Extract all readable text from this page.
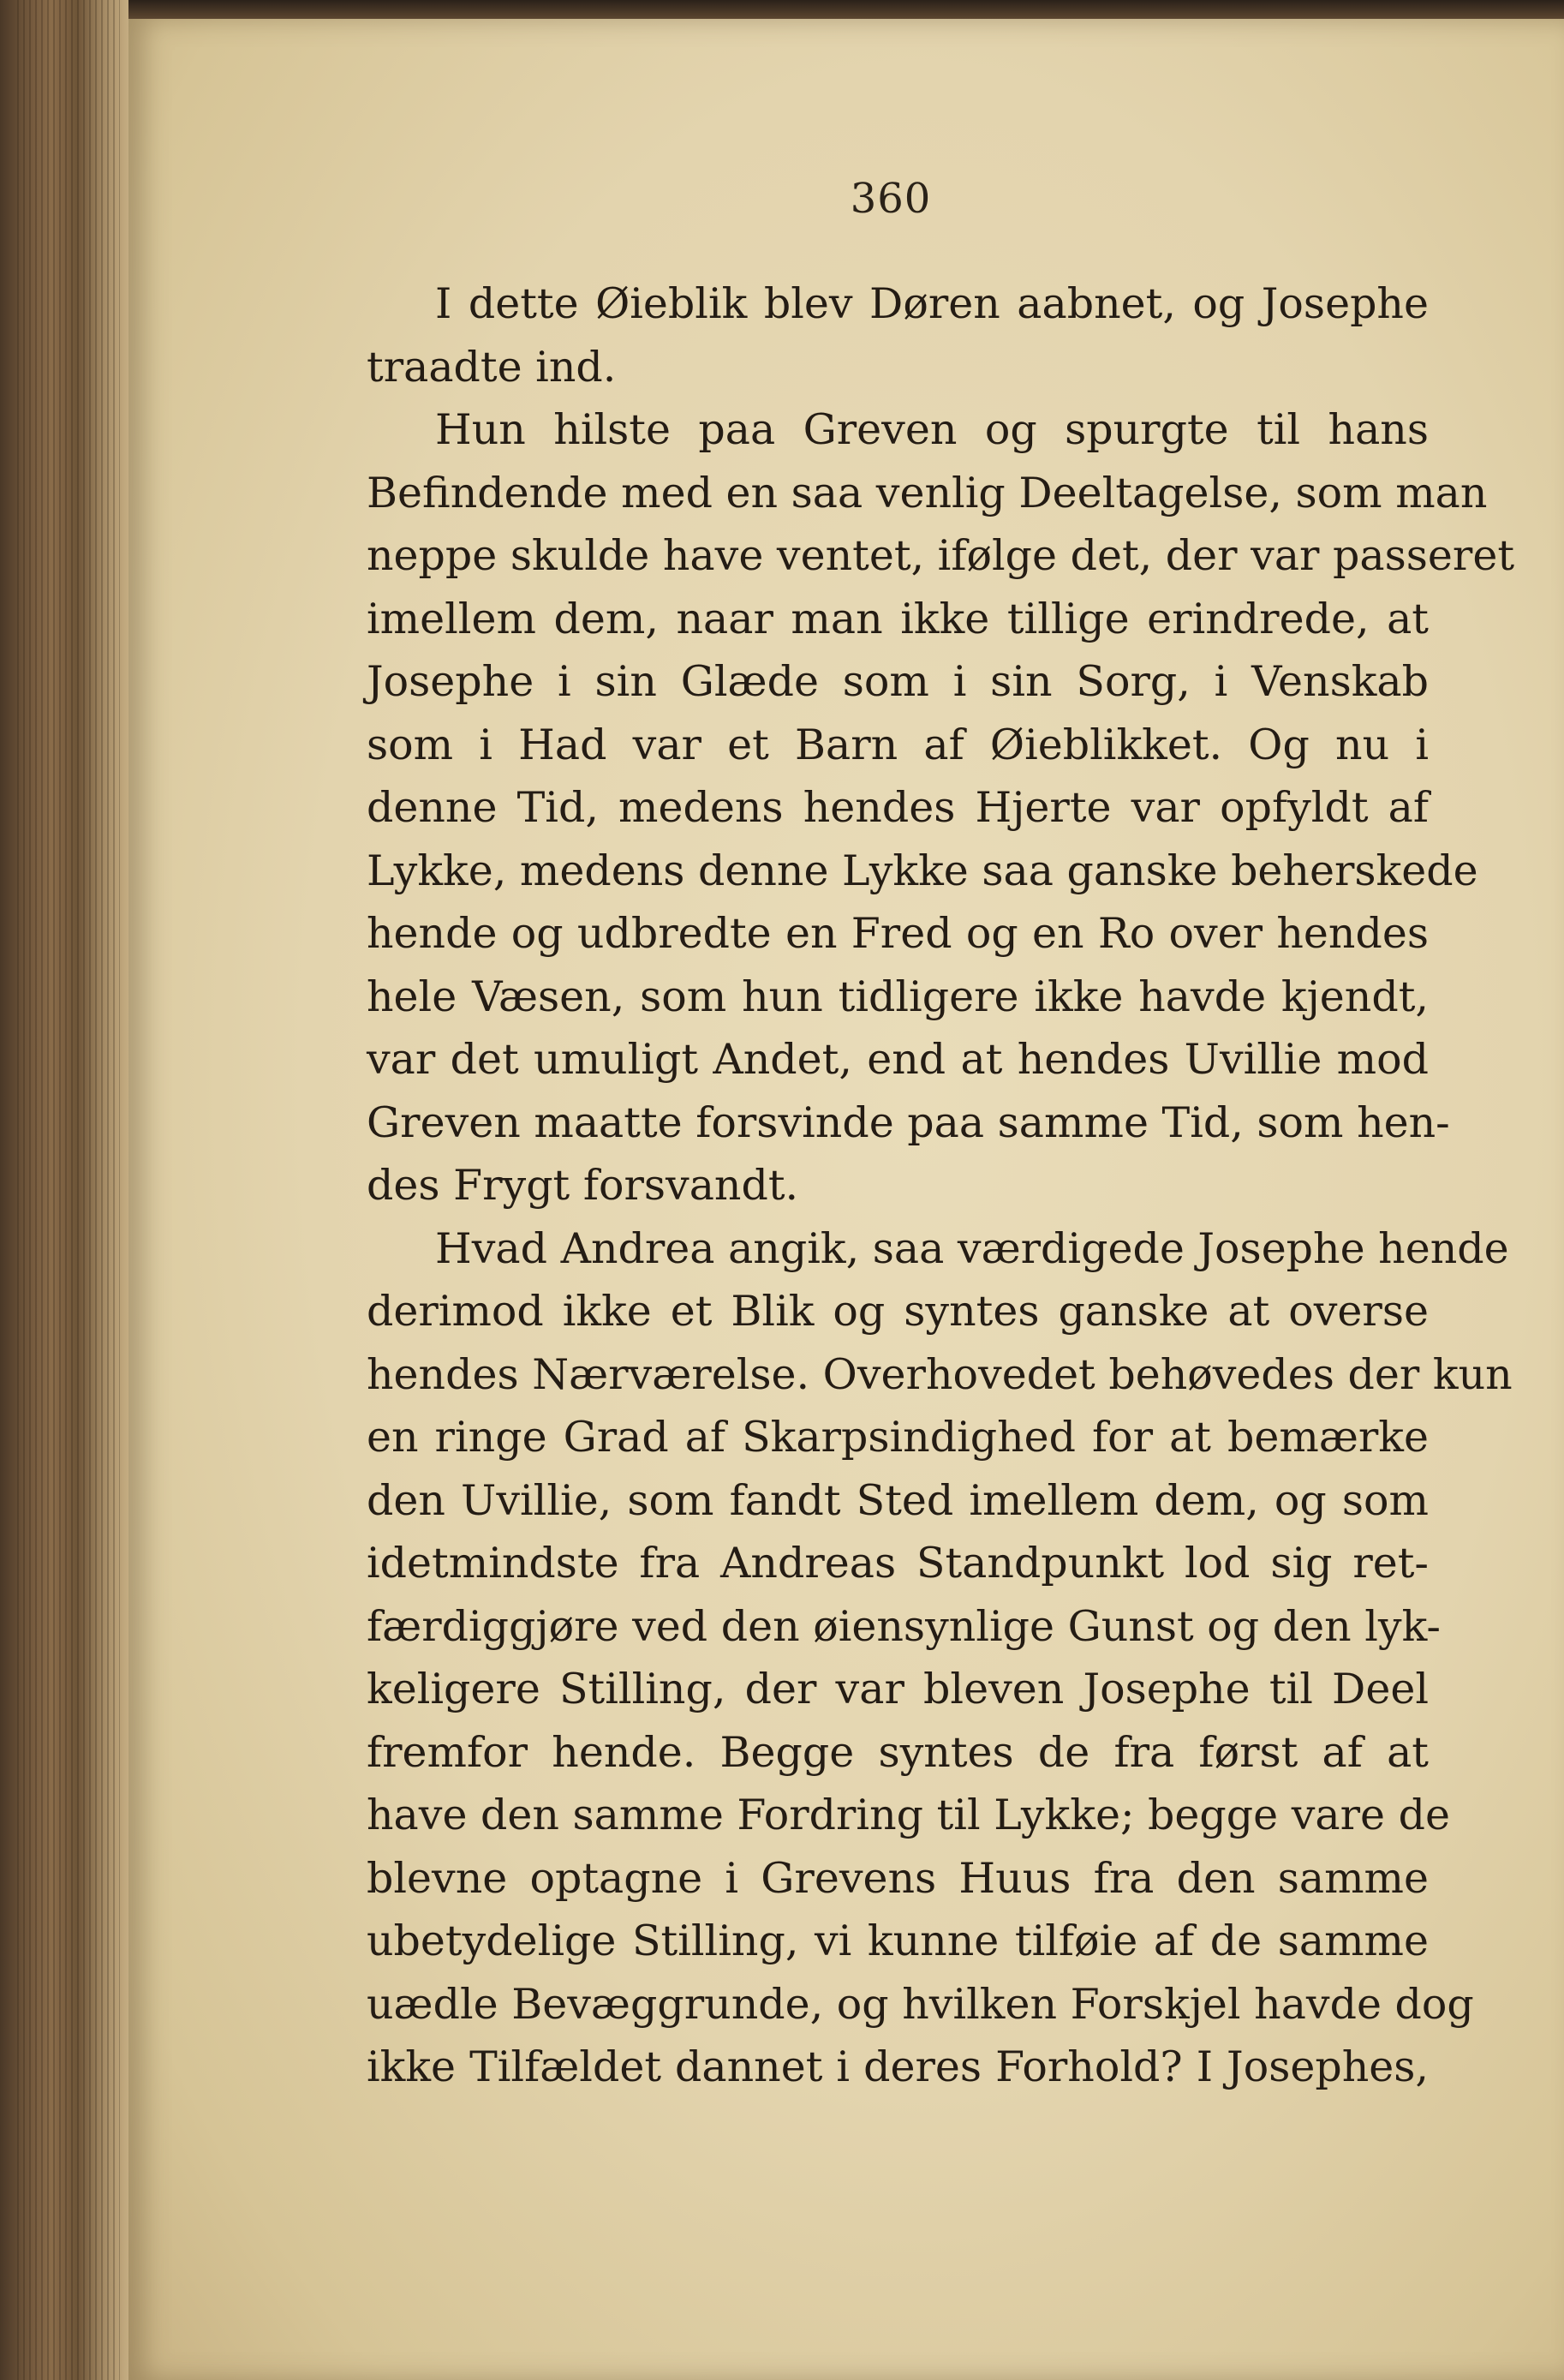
360
I dette Øieblik blev Døren aabnet, og Josephe
traadte ind.
Hun hilste paa Greven og spurgte til hans
Befindende med en saa venlig Deeltagelse, som man
neppe skulde have ventet, ifølge det, der var passeret
imellem dem, naar man ikke tillige erindrede, at
Josephe i sin Glæde som i sin Sorg, i Venskab
som i Had var et Barn af Øieblikket. Og nu i
denne Tid, medens hendes Hjerte var opfyldt af
Lykke, medens denne Lykke saa ganske beherskede
hende og udbredte en Fred og en Ro over hendes
hele Væsen, som hun tidligere ikke havde kjendt,
var det umuligt Andet, end at hendes Uvillie mod
Greven maatte forsvinde paa samme Tid, som hen-
des Frygt forsvandt.
Hvad Andrea angik, saa værdigede Josephe hende
derimod ikke et Blik og syntes ganske at overse
hendes Nærværelse. Overhovedet behøvedes der kun
en ringe Grad af Skarpsindighed for at bemærke
den Uvillie, som fandt Sted imellem dem, og som
idetmindste fra Andreas Standpunkt lod sig ret-
færdiggjøre ved den øiensynlige Gunst og den lyk-
keligere Stilling, der var bleven Josephe til Deel
fremfor hende. Begge syntes de fra først af at
have den samme Fordring til Lykke; begge vare de
blevne optagne i Grevens Huus fra den samme
ubetydelige Stilling, vi kunne tilføie af de samme
uædle Bevæggrunde, og hvilken Forskjel havde dog
ikke Tilfældet dannet i deres Forhold? I Josephes,
